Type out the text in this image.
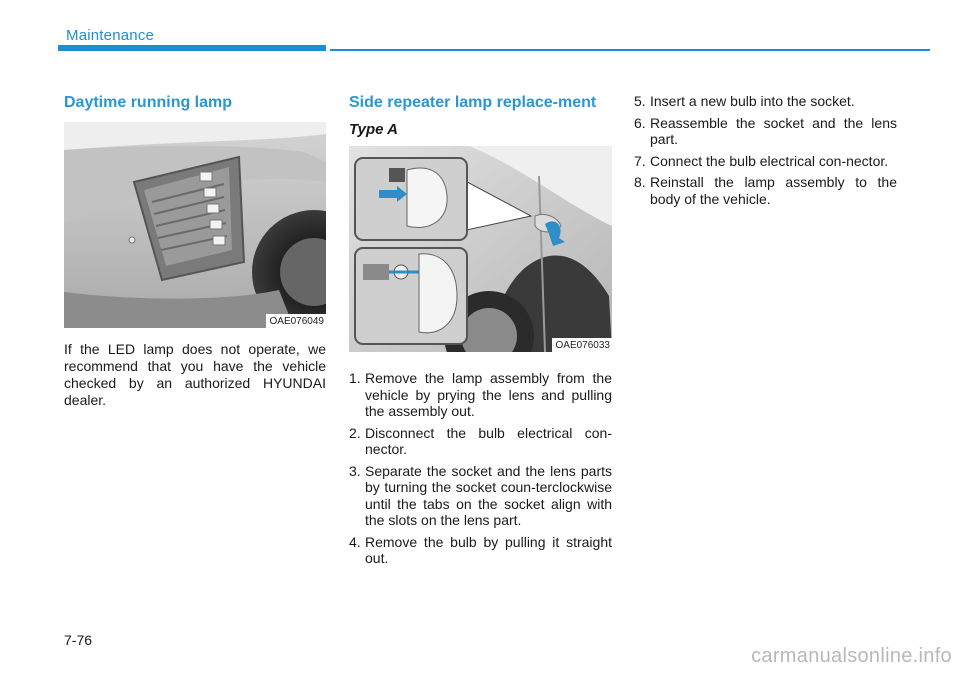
Maintenance
Daytime running lamp
OAE076049
If the LED lamp does not operate, we recommend that you have the vehicle checked by an authorized HYUNDAI dealer.
Side repeater lamp replace-ment
Type A
OAE076033
1. Remove the lamp assembly from the vehicle by prying the lens and pulling the assembly out.
2. Disconnect the bulb electrical con-nector.
3. Separate the socket and the lens parts by turning the socket coun-terclockwise until the tabs on the socket align with the slots on the lens part.
4. Remove the bulb by pulling it straight out.
5. Insert a new bulb into the socket.
6. Reassemble the socket and the lens part.
7. Connect the bulb electrical con-nector.
8. Reinstall the lamp assembly to the body of the vehicle.
7-76
carmanualsonline.info
